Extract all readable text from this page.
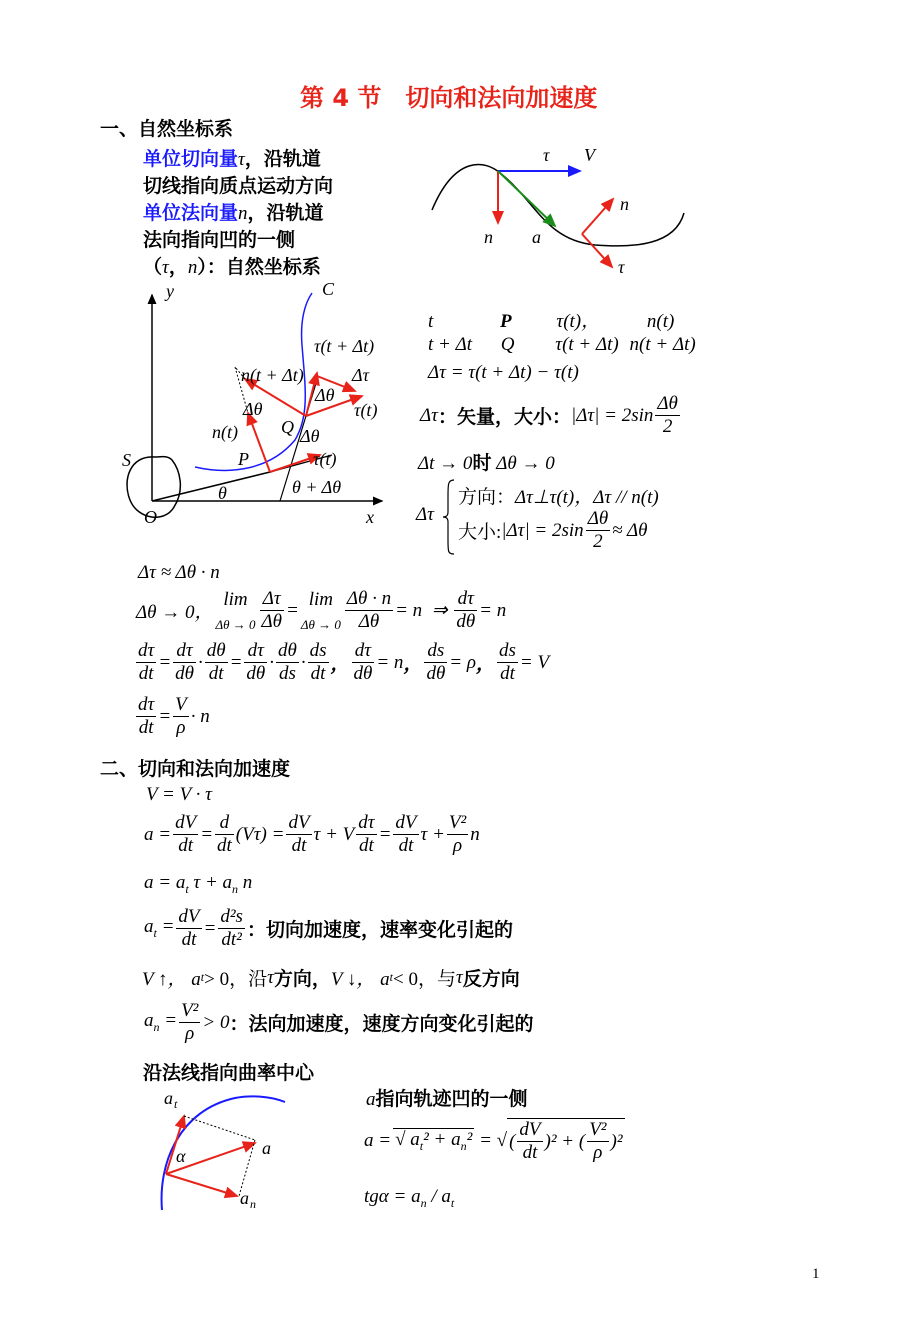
第 4 节　切向和法向加速度
一、自然坐标系
单位切向量τ，沿轨道
切线指向质点运动方向
单位法向量n，沿轨道
法向指向凹的一侧
（τ，n）：自然坐标系
τ V
n
n a
τ
y	C
x
O
S	P
Q
θ	θ + Δθ
n(t)
n(t + Δt)
τ(t)
τ(t)
τ(t + Δt)
Δτ
Δθ
Δθ
Δθ
t	P τ(t)， n(t)
t + Δt Q τ(t + Δt) n(t + Δt)
Δτ = τ(t + Δt) − τ(t)
Δτ ：矢量，大小： $|\Delta\tau| = 2\sin \frac{\Delta\theta}{2}$
Δt → 0时 Δθ → 0
Δτ
方向：Δτ⊥τ(t)，Δτ // n(t)
大小: $|\Delta\tau| = 2\sin \frac{\Delta\theta}{2} \approx \Delta\theta$
Δτ ≈ Δθ · n
Δθ → 0，
lim
$\Delta\theta \to 0 \frac{\Delta\tau}{\Delta\theta}$ =
lim
$\Delta\theta \to 0 \frac{\Delta\theta \cdot n}{\Delta\theta} = n$  ⇒ $\frac{d\tau}{d\theta} = n$
$\frac{d\tau}{dt} = \frac{d\tau}{d\theta} \cdot \frac{d\theta}{dt} = \frac{d\tau}{d\theta} \cdot \frac{d\theta}{ds} \cdot \frac{ds}{dt}$ ， $\frac{d\tau}{d\theta} = n$ ， $\frac{ds}{d\theta} = \rho$ ， $\frac{ds}{dt} = V$
$\frac{d\tau}{dt} = \frac{V}{\rho} \cdot n$
二、切向和法向加速度
V = V · τ
$a = \frac{dV}{dt} = \frac{d}{dt} (V\tau) = \frac{dV}{dt}$ τ + V $\frac{d\tau}{dt} = \frac{dV}{dt}$ $\tau + \frac{\text{V²}}{\rho}$ n
$a = a_t$ $\tau + a_n$ n
$a_t = \frac{dV}{dt} = \frac{\text{d²s}}{\text{dt²}}$ ：切向加速度，速率变化引起的
V ↑， a t > 0，沿 τ 方向， V ↓， a t < 0，与 τ 反方向
$a_n = \frac{\text{V²}}{\rho} > 0$ ：法向加速度，速度方向变化引起的
沿法线指向曲率中心
a t
α	a
a n
a指向轨迹凹的一侧
a = √ $a_t^2 + a_n^2$ = √ ( $\frac{dV}{dt} )^2$ + ( $\frac{\text{V²}}{\rho} )^2$
$tg\alpha = a_n / a_t$
1
